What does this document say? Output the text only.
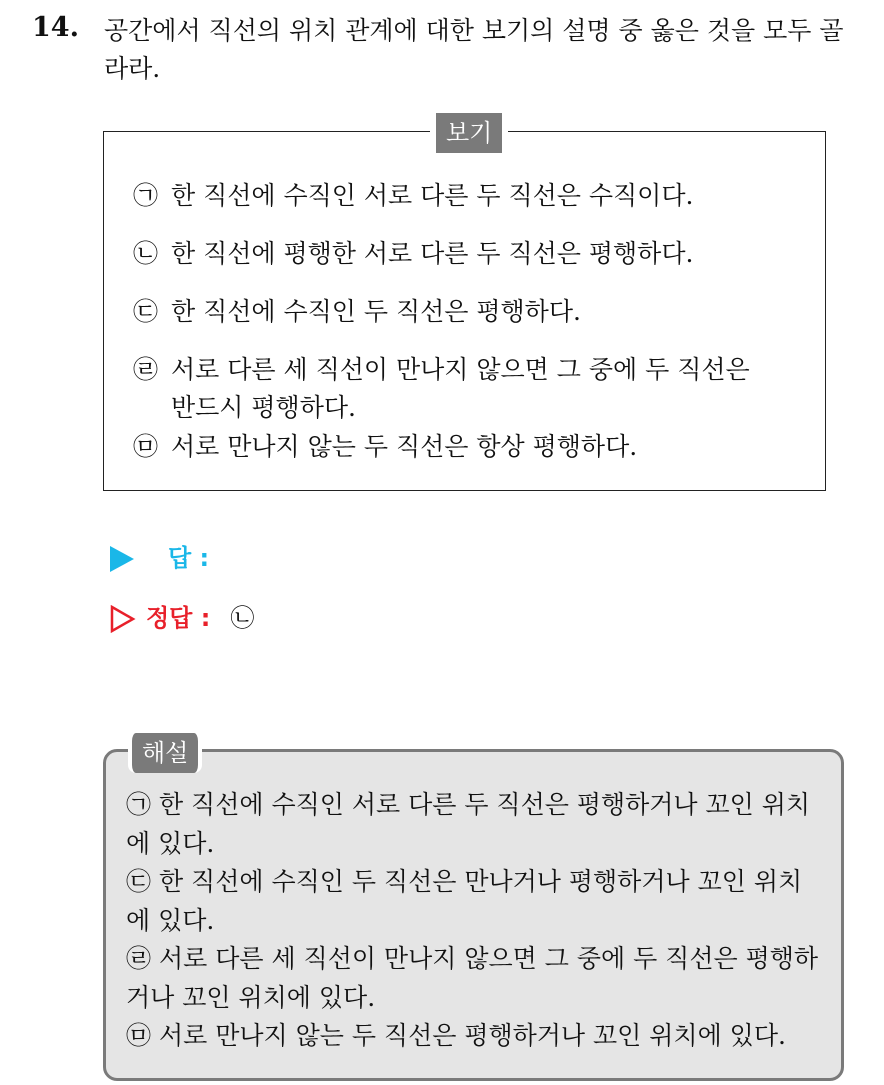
14. 공간에서 직선의 위치 관계에 대한 보기의 설명 중 옳은 것을 모두 골라라.
보기
㉠ 한 직선에 수직인 서로 다른 두 직선은 수직이다.
㉡ 한 직선에 평행한 서로 다른 두 직선은 평행하다.
㉢ 한 직선에 수직인 두 직선은 평행하다.
㉣ 서로 다른 세 직선이 만나지 않으면 그 중에 두 직선은 반드시 평행하다.
㉤ 서로 만나지 않는 두 직선은 항상 평행하다.
답 :
정답 : ㉡
해설
㉠ 한 직선에 수직인 서로 다른 두 직선은 평행하거나 꼬인 위치에 있다.
㉢ 한 직선에 수직인 두 직선은 만나거나 평행하거나 꼬인 위치에 있다.
㉣ 서로 다른 세 직선이 만나지 않으면 그 중에 두 직선은 평행하거나 꼬인 위치에 있다.
㉤ 서로 만나지 않는 두 직선은 평행하거나 꼬인 위치에 있다.
